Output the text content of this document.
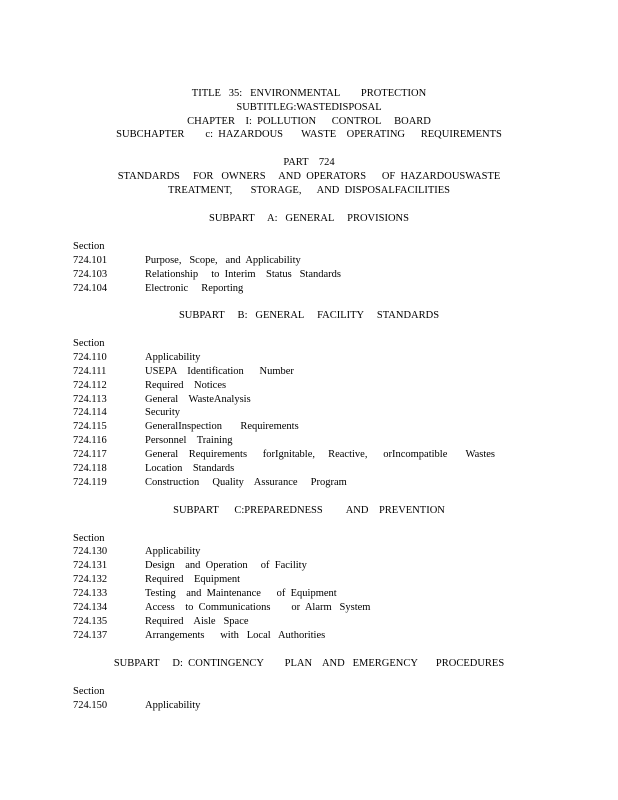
TITLE   35:   ENVIRONMENTAL        PROTECTION
SUBTITLEG:WASTEDISPOSAL
CHAPTER    I:  POLLUTION      CONTROL     BOARD
SUBCHAPTER        c:  HAZARDOUS       WASTE    OPERATING      REQUIREMENTS
PART    724
STANDARDS     FOR   OWNERS     AND  OPERATORS      OF  HAZARDOUSWASTE
TREATMENT,       STORAGE,      AND  DISPOSALFACILITIES
SUBPART     A:   GENERAL     PROVISIONS
Section
724.101	Purpose,   Scope,   and  Applicability
724.103	Relationship     to  Interim    Status   Standards
724.104	Electronic     Reporting
SUBPART     B:   GENERAL     FACILITY     STANDARDS
Section
724.110	Applicability
724.111	USEPA    Identification      Number
724.112	Required    Notices
724.113	General    WasteAnalysis
724.114	Security
724.115	GeneralInspection       Requirements
724.116	Personnel    Training
724.117	General    Requirements      forIgnitable,     Reactive,      orIncompatible       Wastes
724.118	Location    Standards
724.119	Construction     Quality    Assurance     Program
SUBPART      C:PREPAREDNESS         AND    PREVENTION
Section
724.130	Applicability
724.131	Design    and  Operation     of  Facility
724.132	Required    Equipment
724.133	Testing    and  Maintenance      of  Equipment
724.134	Access    to  Communications        or  Alarm   System
724.135	Required    Aisle   Space
724.137	Arrangements      with   Local   Authorities
SUBPART     D:  CONTINGENCY        PLAN    AND   EMERGENCY       PROCEDURES
Section
724.150	Applicability
